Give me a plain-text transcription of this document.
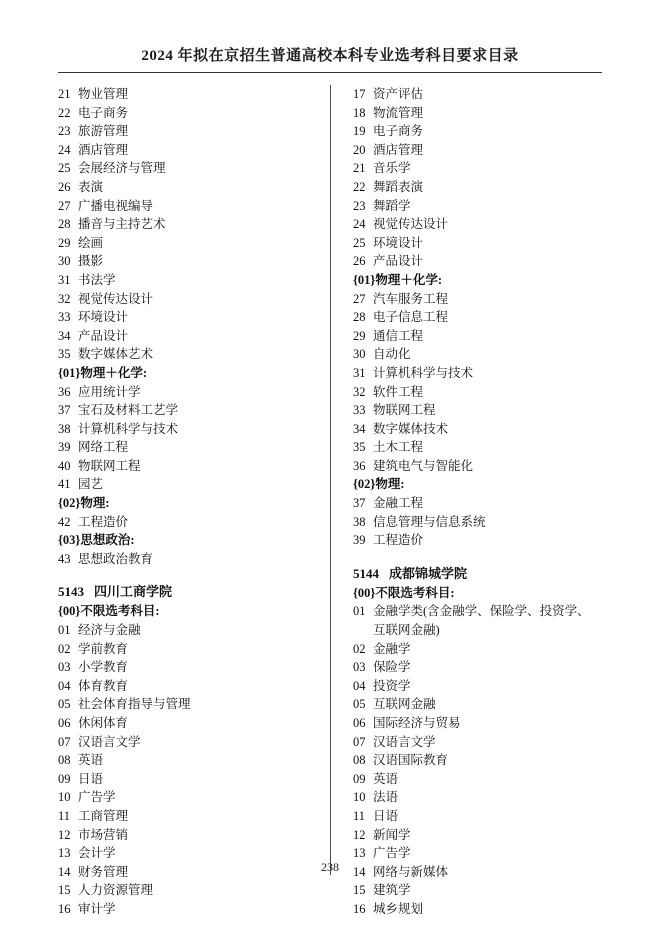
2024 年拟在京招生普通高校本科专业选考科目要求目录
21 物业管理
22 电子商务
23 旅游管理
24 酒店管理
25 会展经济与管理
26 表演
27 广播电视编导
28 播音与主持艺术
29 绘画
30 摄影
31 书法学
32 视觉传达设计
33 环境设计
34 产品设计
35 数字媒体艺术
{01}物理＋化学:
36 应用统计学
37 宝石及材料工艺学
38 计算机科学与技术
39 网络工程
40 物联网工程
41 园艺
{02}物理:
42 工程造价
{03}思想政治:
43 思想政治教育
5143 四川工商学院
{00}不限选考科目:
01 经济与金融
02 学前教育
03 小学教育
04 体育教育
05 社会体育指导与管理
06 休闲体育
07 汉语言文学
08 英语
09 日语
10 广告学
11 工商管理
12 市场营销
13 会计学
14 财务管理
15 人力资源管理
16 审计学
17 资产评估
18 物流管理
19 电子商务
20 酒店管理
21 音乐学
22 舞蹈表演
23 舞蹈学
24 视觉传达设计
25 环境设计
26 产品设计
{01}物理＋化学:
27 汽车服务工程
28 电子信息工程
29 通信工程
30 自动化
31 计算机科学与技术
32 软件工程
33 物联网工程
34 数字媒体技术
35 土木工程
36 建筑电气与智能化
{02}物理:
37 金融工程
38 信息管理与信息系统
39 工程造价
5144 成都锦城学院
{00}不限选考科目:
01 金融学类(含金融学、保险学、投资学、互联网金融)
02 金融学
03 保险学
04 投资学
05 互联网金融
06 国际经济与贸易
07 汉语言文学
08 汉语国际教育
09 英语
10 法语
11 日语
12 新闻学
13 广告学
14 网络与新媒体
15 建筑学
16 城乡规划
238
